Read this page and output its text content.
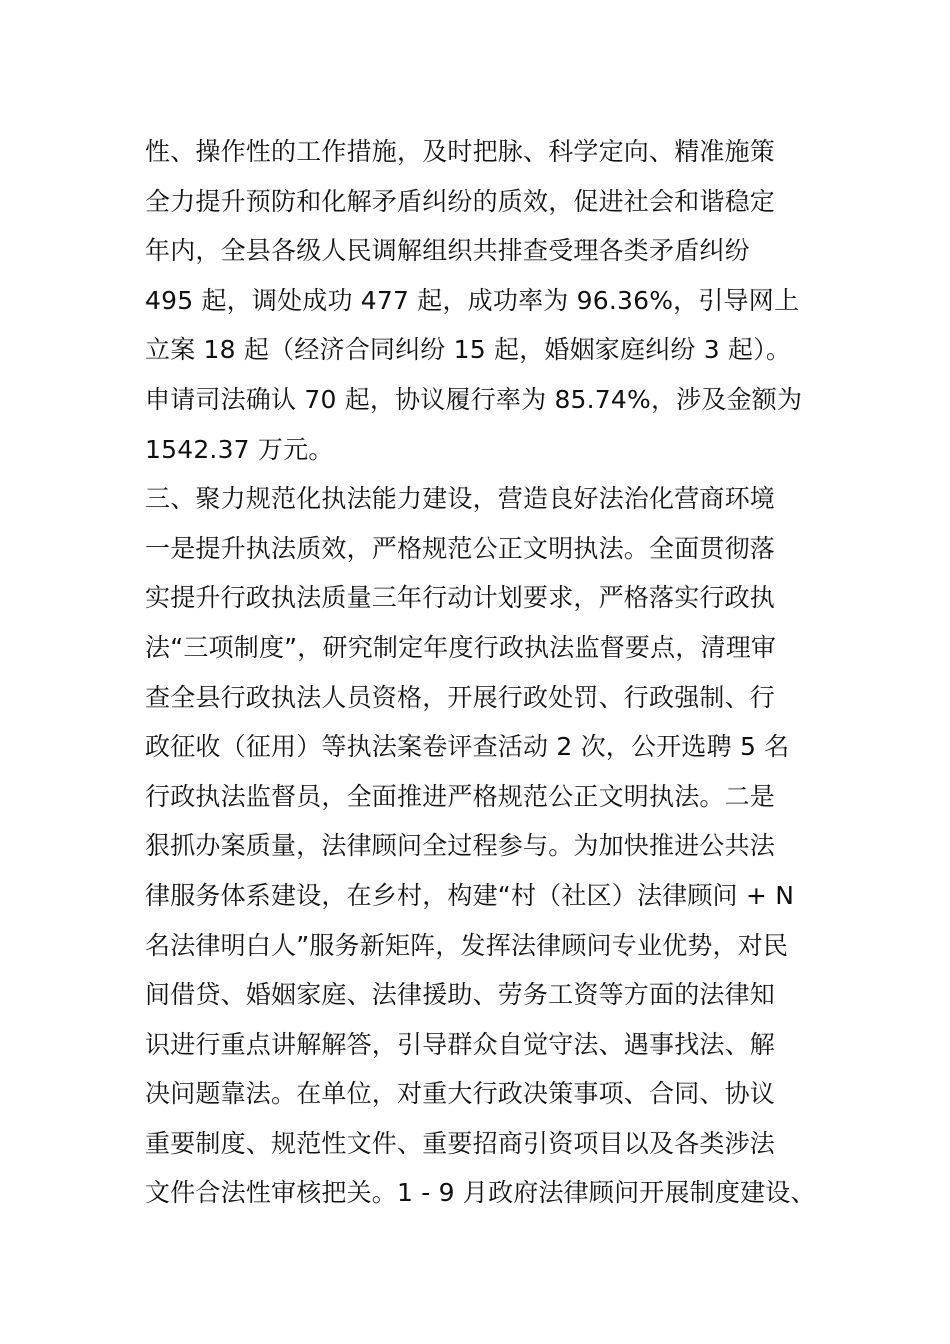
性、操作性的工作措施，及时把脉、科学定向、精准施策
全力提升预防和化解矛盾纠纷的质效，促进社会和谐稳定
年内，全县各级人民调解组织共排查受理各类矛盾纠纷
495 起，调处成功 477 起，成功率为 96.36%，引导网上
立案 18 起（经济合同纠纷 15 起，婚姻家庭纠纷 3 起）。
申请司法确认 70 起，协议履行率为 85.74%，涉及金额为
1542.37 万元。
三、聚力规范化执法能力建设，营造良好法治化营商环境
一是提升执法质效，严格规范公正文明执法。全面贯彻落
实提升行政执法质量三年行动计划要求，严格落实行政执
法“三项制度”，研究制定年度行政执法监督要点，清理审
查全县行政执法人员资格，开展行政处罚、行政强制、行
政征收（征用）等执法案卷评查活动 2 次，公开选聘 5 名
行政执法监督员，全面推进严格规范公正文明执法。二是
狠抓办案质量，法律顾问全过程参与。为加快推进公共法
律服务体系建设，在乡村，构建“村（社区）法律顾问 + N
名法律明白人”服务新矩阵，发挥法律顾问专业优势，对民
间借贷、婚姻家庭、法律援助、劳务工资等方面的法律知
识进行重点讲解解答，引导群众自觉守法、遇事找法、解
决问题靠法。在单位，对重大行政决策事项、合同、协议
重要制度、规范性文件、重要招商引资项目以及各类涉法
文件合法性审核把关。1 - 9 月政府法律顾问开展制度建设、
